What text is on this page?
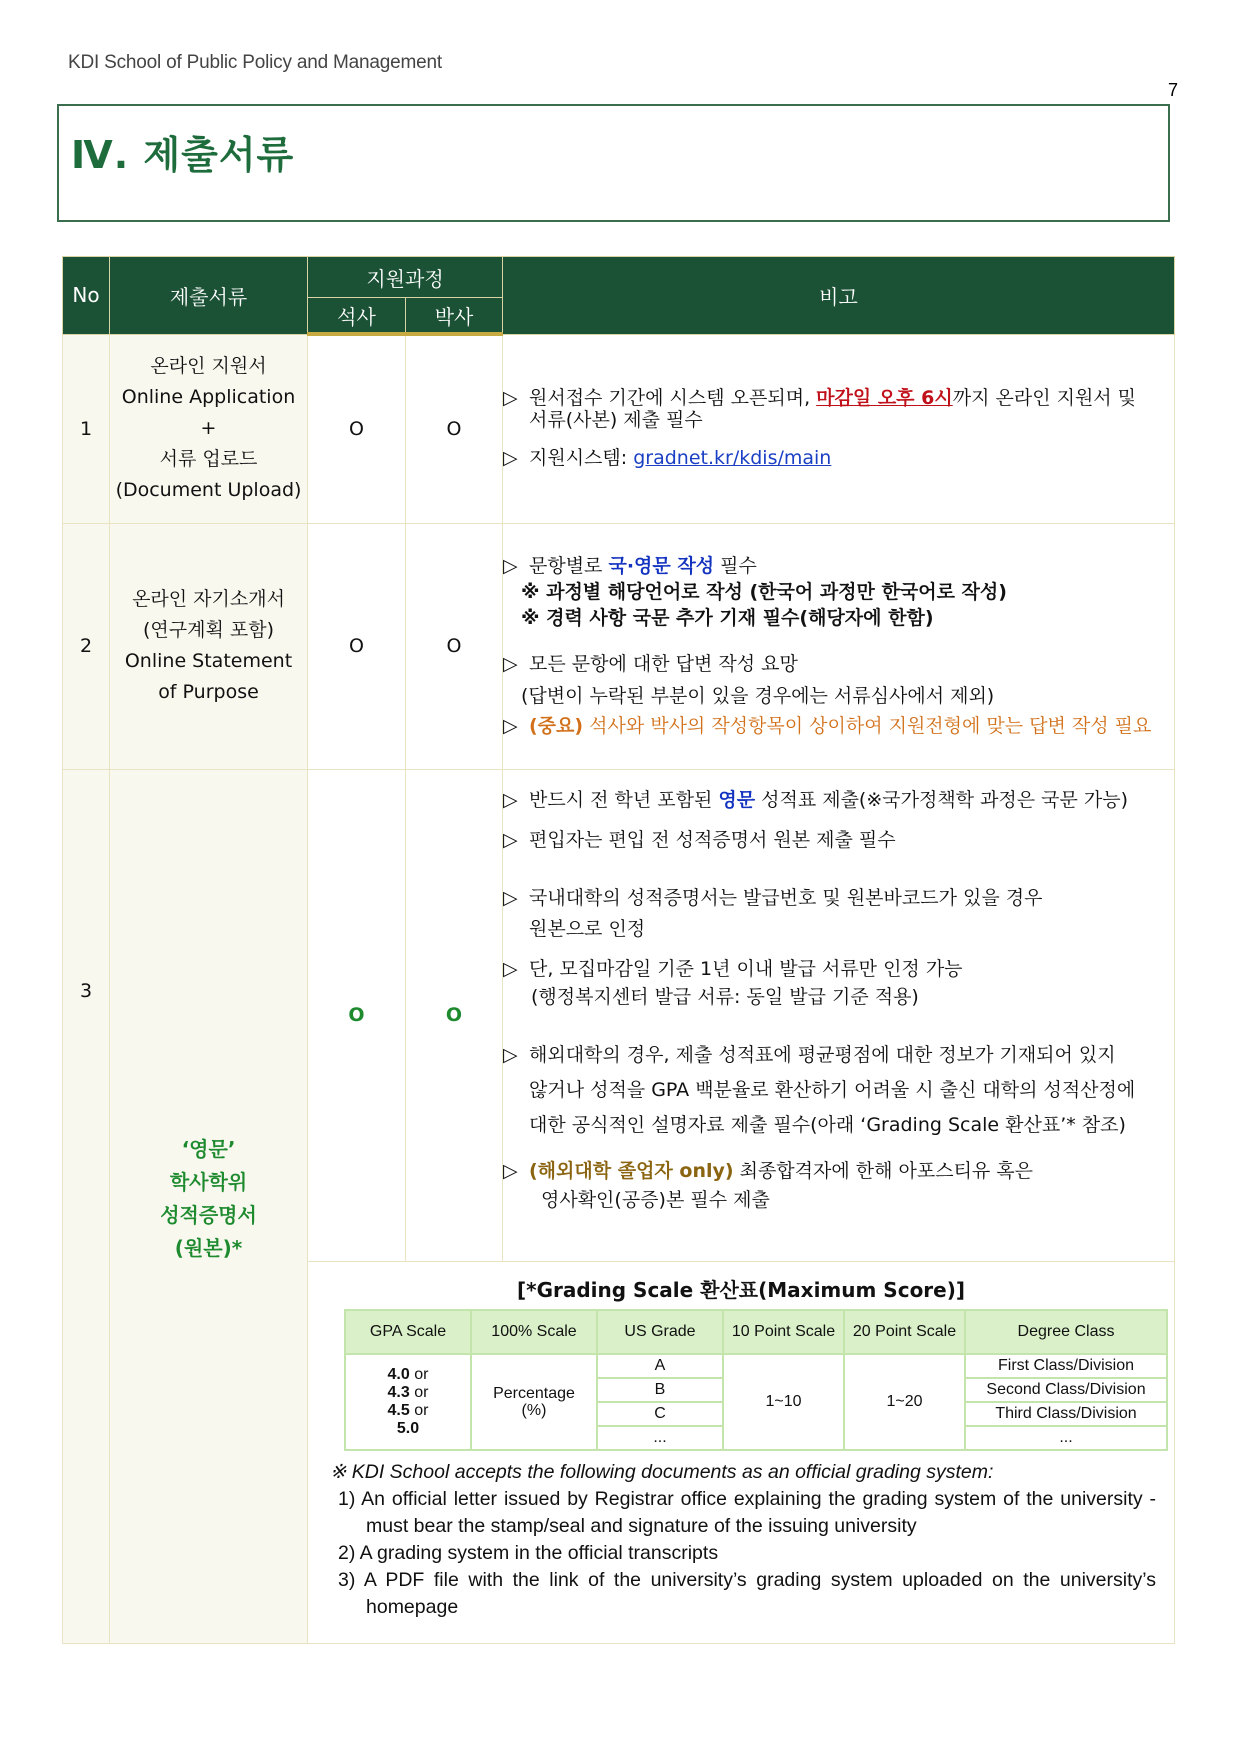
KDI School of Public Policy and Management
7
Ⅳ. 제출서류
No	제출서류	지원과정	비고
석사	박사
1	
온라인 지원서
Online Application
+
서류 업로드
(Document Upload)
	O	O	
▷ 원서접수 기간에 시스템 오픈되며, 마감일 오후 6시까지 온라인 지원서 및
서류(사본) 제출 필수
▷ 지원시스템: gradnet.kr/kdis/main

2	
온라인 자기소개서
(연구계획 포함)
Online Statement
of Purpose
	O	O	
▷ 문항별로 국·영문 작성 필수
※ 과정별 해당언어로 작성 (한국어 과정만 한국어로 작성)
※ 경력 사항 국문 추가 기재 필수(해당자에 한함)
▷ 모든 문항에 대한 답변 작성 요망
(답변이 누락된 부분이 있을 경우에는 서류심사에서 제외)
▷ (중요) 석사와 박사의 작성항목이 상이하여 지원전형에 맞는 답변 작성 필요

3	
‘영문’
학사학위
성적증명서
(원본)*
	O	O	
▷ 반드시 전 학년 포함된 영문 성적표 제출(※국가정책학 과정은 국문 가능)
▷ 편입자는 편입 전 성적증명서 원본 제출 필수
▷ 국내대학의 성적증명서는 발급번호 및 원본바코드가 있을 경우
원본으로 인정
▷ 단, 모집마감일 기준 1년 이내 발급 서류만 인정 가능
(행정복지센터 발급 서류: 동일 발급 기준 적용)
▷ 해외대학의 경우, 제출 성적표에 평균평점에 대한 정보가 기재되어 있지
않거나 성적을 GPA 백분율로 환산하기 어려울 시 출신 대학의 성적산정에
대한 공식적인 설명자료 제출 필수(아래 ‘Grading Scale 환산표’* 참조)
▷ (해외대학 졸업자 only) 최종합격자에 한해 아포스티유 혹은
영사확인(공증)본 필수 제출

[*Grading Scale 환산표(Maximum Score)]
GPA Scale	100% Scale	US Grade	10 Point Scale	20 Point Scale	Degree Class

4.0 or
4.3 or
4.5 or
5.0

Percentage
(%)
	A	1~10	1~20	First Class/Division
B	Second Class/Division
C	Third Class/Division
...	...
※ KDI School accepts the following documents as an official grading system:
1) An official letter issued by Registrar office explaining the grading system of the university - must bear the stamp/seal and signature of the issuing university
2) A grading system in the official transcripts
3) A PDF file with the link of the university’s grading system uploaded on the university’s homepage
